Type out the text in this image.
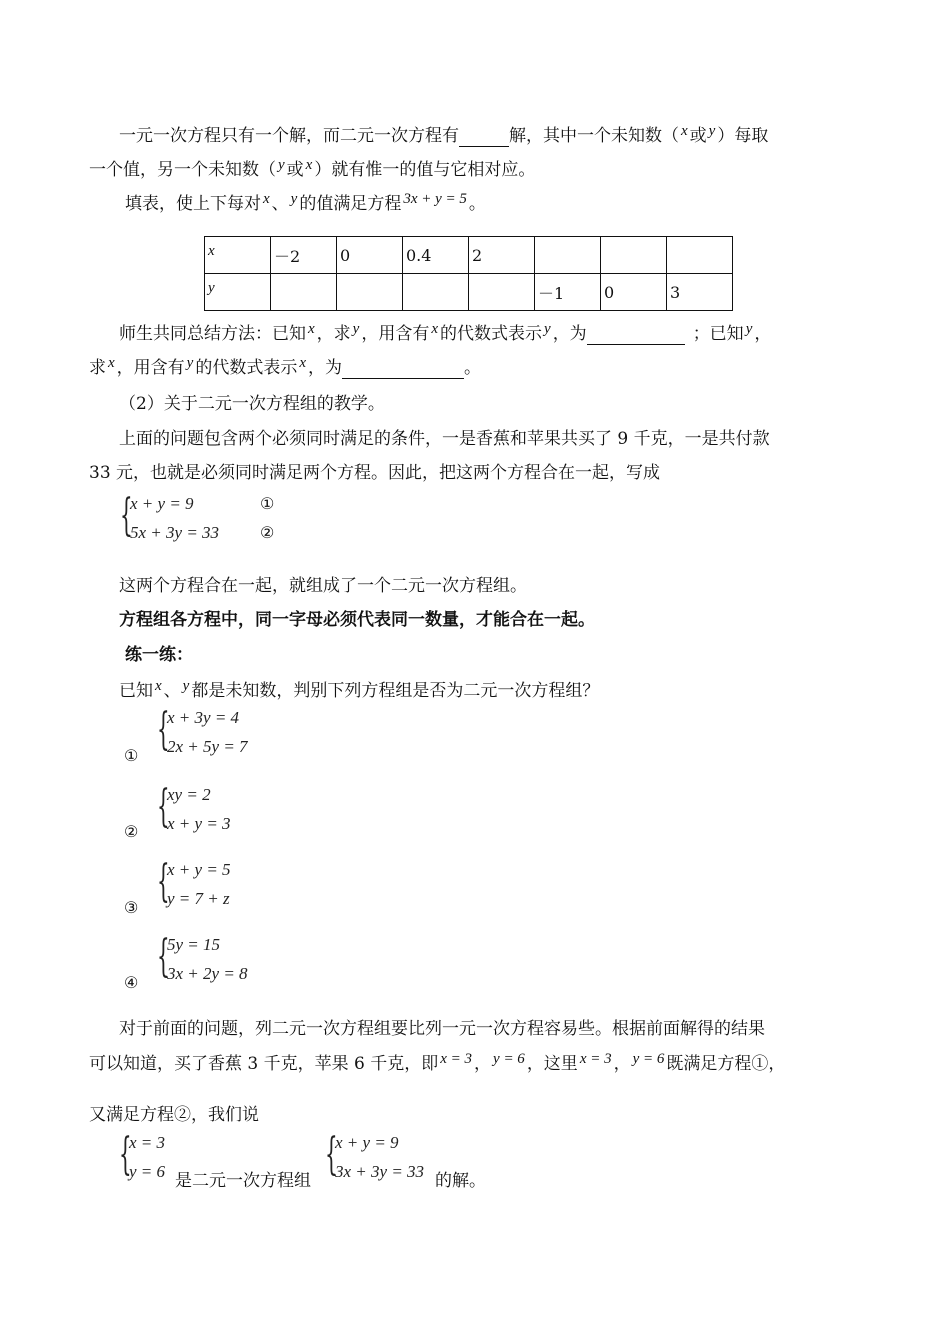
一元一次方程只有一个解，而二元一次方程有	解，其中一个未知数（ x 或 y ）每取
一个值，另一个未知数（ y 或 x ）就有惟一的值与它相对应。
填表，使上下每对 x 、 y 的值满足方程 3x + y = 5 。
x	－2	0	0.4	2			
y					－1	0	3
师生共同总结方法：已知 x ，求 y ，用含有 x 的代数式表示 y ，为	；已知 y ，
求 x ，用含有 y 的代数式表示 x ，为	。
（2）关于二元一次方程组的教学。
上面的问题包含两个必须同时满足的条件，一是香蕉和苹果共买了 9 千克，一是共付款
33 元，也就是必须同时满足两个方程。因此，把这两个方程合在一起，写成
{
x + y = 9
5x + 3y = 33
①
②
这两个方程合在一起，就组成了一个二元一次方程组。
方程组各方程中，同一字母必须代表同一数量，才能合在一起。
练一练：
已知 x 、 y 都是未知数，判别下列方程组是否为二元一次方程组？
①
{
x + 3y = 4
2x + 5y = 7
② {
xy = 2
x + y = 3
③
{
x + y = 5
y = 7 + z
④
{
5y = 15
3x + 2y = 8
对于前面的问题，列二元一次方程组要比列一元一次方程容易些。根据前面解得的结果
可以知道，买了香蕉 3 千克，苹果 6 千克，即 x = 3 ， y = 6 ，这里 x = 3 ， y = 6 既满足方程①，
又满足方程②，我们说
{
x = 3
y = 6 是二元一次方程组
{
x + y = 9
3x + 3y = 33 的解。
